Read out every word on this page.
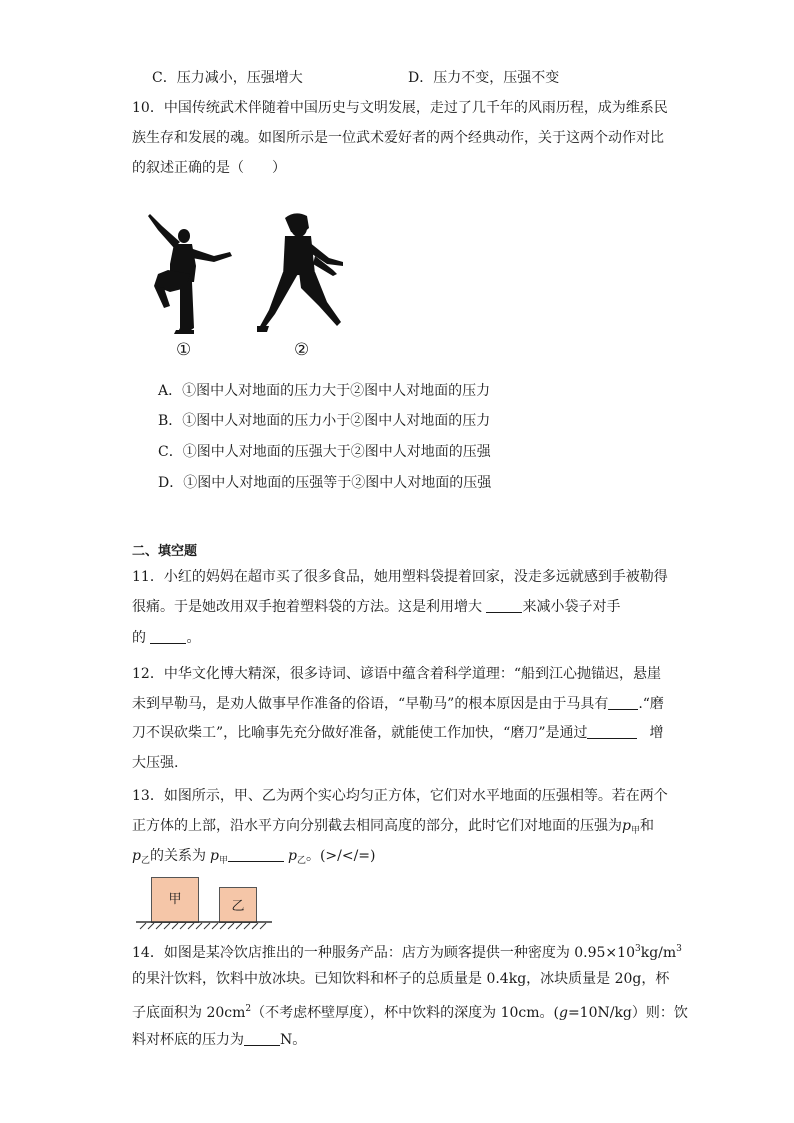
C．压力减小，压强增大	D．压力不变，压强不变
10．中国传统武术伴随着中国历史与文明发展，走过了几千年的风雨历程，成为维系民
族生存和发展的魂。如图所示是一位武术爱好者的两个经典动作，关于这两个动作对比
的叙述正确的是（　　）
①	②
A．①图中人对地面的压力大于②图中人对地面的压力
B．①图中人对地面的压力小于②图中人对地面的压力
C．①图中人对地面的压强大于②图中人对地面的压强
D．①图中人对地面的压强等于②图中人对地面的压强
二、填空题
11．小红的妈妈在超市买了很多食品，她用塑料袋提着回家，没走多远就感到手被勒得
很痛。于是她改用双手抱着塑料袋的方法。这是利用增大	来减小袋子对手
的	。
12．中华文化博大精深，很多诗词、谚语中蕴含着科学道理：“船到江心抛锚迟，悬崖
未到早勒马，是劝人做事早作准备的俗语，“早勒马”的根本原因是由于马具有 .“磨
刀不误砍柴工”，比喻事先充分做好准备，就能使工作加快，“磨刀”是通过	增
大压强.
13．如图所示，甲、乙为两个实心均匀正方体，它们对水平地面的压强相等。若在两个
正方体的上部，沿水平方向分别截去相同高度的部分，此时它们对地面的压强为$p_甲$和
$p_乙$的关系为 $p_甲$	$p_乙$。(>/</=)
甲	乙
14．如图是某冷饮店推出的一种服务产品：店方为顾客提供一种密度为 $0.95\times 10^3kg/m^3$
的果汁饮料，饮料中放冰块。已知饮料和杯子的总质量是 0.4kg，冰块质量是 20g，杯
子底面积为 $20cm^2$（不考虑杯壁厚度），杯中饮料的深度为 10cm。(g=10N/kg）则：饮
料对杯底的压力为	N。
